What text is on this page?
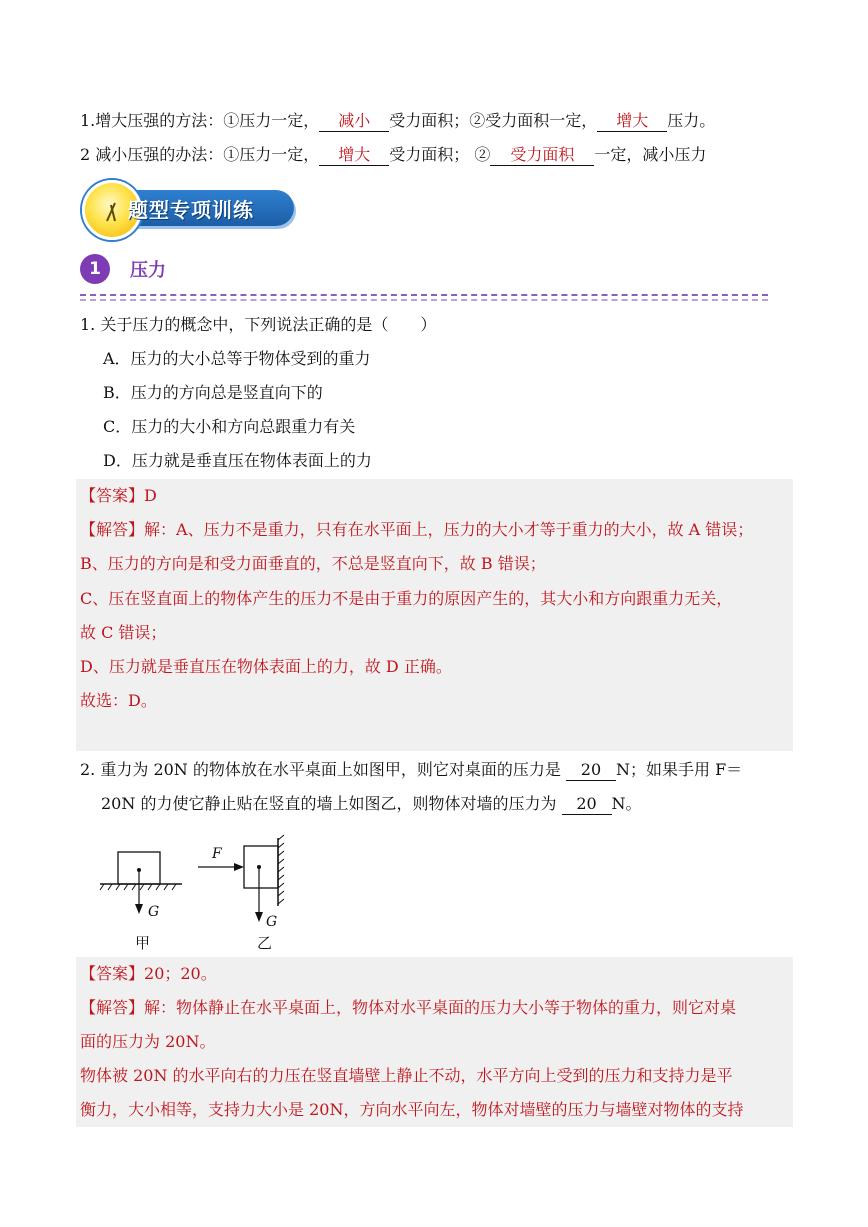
1.增大压强的方法：①压力一定， 减小 受力面积；②受力面积一定， 增大 压力。
2 减小压强的办法：①压力一定， 增大 受力面积； ② 受力面积 一定，减小压力
题型专项训练
1	压力
1. 关于压力的概念中，下列说法正确的是（　　）
A．压力的大小总等于物体受到的重力
B．压力的方向总是竖直向下的
C．压力的大小和方向总跟重力有关
D．压力就是垂直压在物体表面上的力
【答案】D
【解答】解：A、压力不是重力，只有在水平面上，压力的大小才等于重力的大小，故 A 错误；
B、压力的方向是和受力面垂直的，不总是竖直向下，故 B 错误；
C、压在竖直面上的物体产生的压力不是由于重力的原因产生的，其大小和方向跟重力无关，
故 C 错误；
D、压力就是垂直压在物体表面上的力，故 D 正确。
故选：D。
2. 重力为 20N 的物体放在水平桌面上如图甲，则它对桌面的压力是 20 N；如果手用 F＝
20N 的力使它静止贴在竖直的墙上如图乙，则物体对墙的压力为 20 N。
F
G
G
甲	乙
【答案】20；20。
【解答】解：物体静止在水平桌面上，物体对水平桌面的压力大小等于物体的重力，则它对桌
面的压力为 20N。
物体被 20N 的水平向右的力压在竖直墙壁上静止不动，水平方向上受到的压力和支持力是平
衡力，大小相等，支持力大小是 20N，方向水平向左，物体对墙壁的压力与墙壁对物体的支持
